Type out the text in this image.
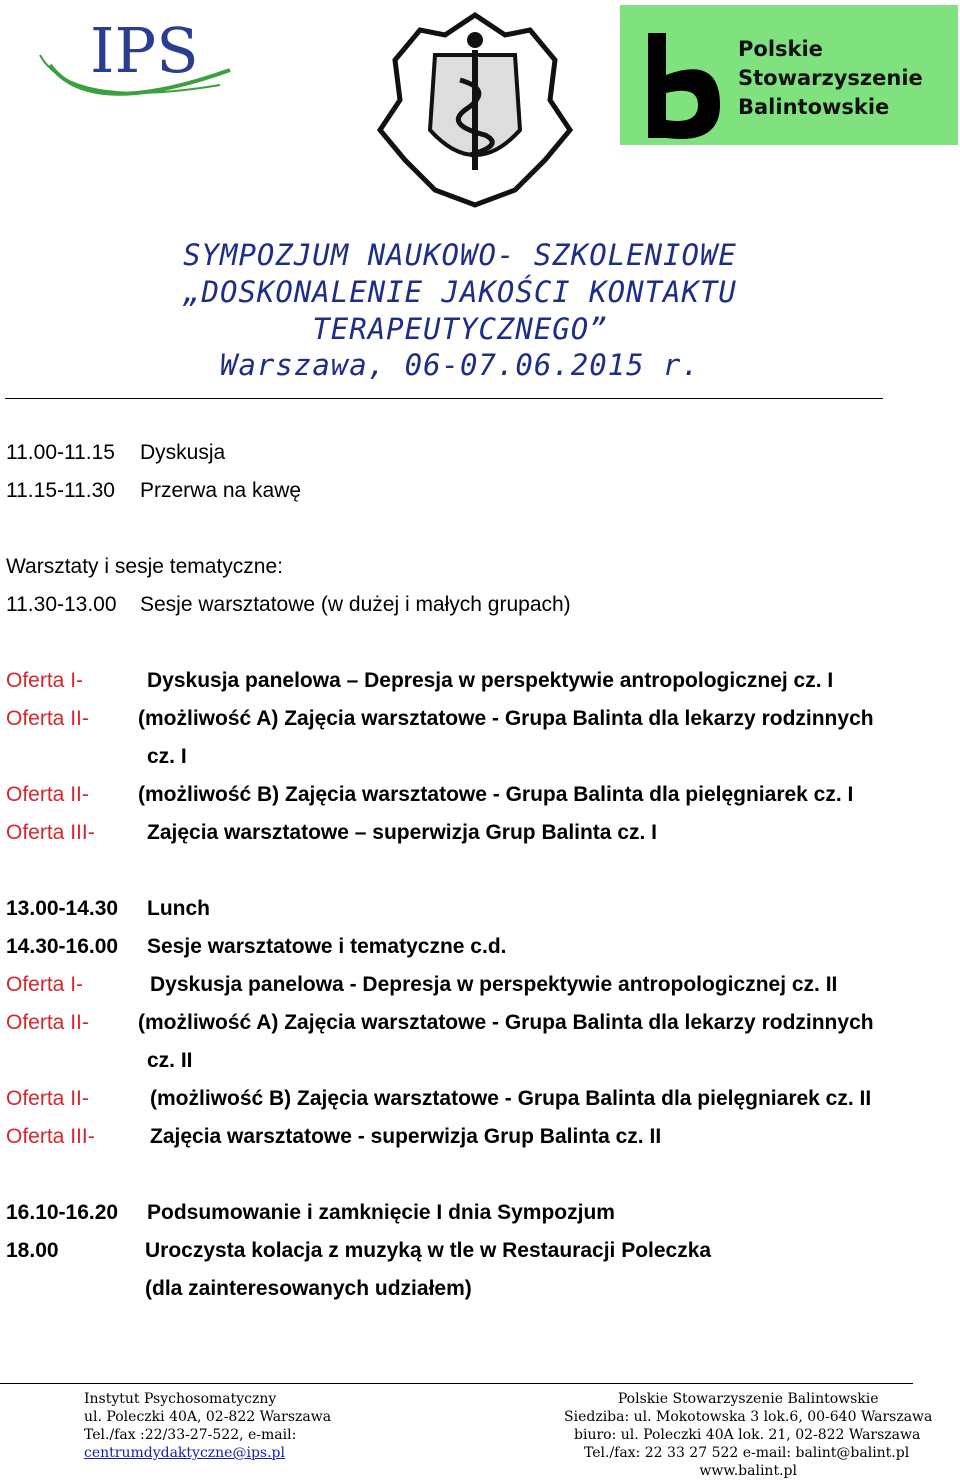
IPS	Polskie
Stowarzyszenie
Balintowskie
SYMPOZJUM NAUKOWO- SZKOLENIOWE
„DOSKONALENIE JAKOŚCI KONTAKTU
TERAPEUTYCZNEGO”
Warszawa, 06-07.06.2015 r.
11.00-11.15 Dyskusja
11.15-11.30 Przerwa na kawę
Warsztaty i sesje tematyczne:
11.30-13.00 Sesje warsztatowe (w dużej i małych grupach)
Oferta I-	Dyskusja panelowa – Depresja w perspektywie antropologicznej cz. I
Oferta II- (możliwość A) Zajęcia warsztatowe - Grupa Balinta dla lekarzy rodzinnych
cz. I
Oferta II- (możliwość B) Zajęcia warsztatowe - Grupa Balinta dla pielęgniarek cz. I
Oferta III- Zajęcia warsztatowe – superwizja Grup Balinta cz. I
13.00-14.30 Lunch
14.30-16.00 Sesje warsztatowe i tematyczne c.d.
Oferta I-	Dyskusja panelowa - Depresja w perspektywie antropologicznej cz. II
Oferta II- (możliwość A) Zajęcia warsztatowe - Grupa Balinta dla lekarzy rodzinnych
cz. II
Oferta II-	(możliwość B) Zajęcia warsztatowe - Grupa Balinta dla pielęgniarek cz. II
Oferta III-	Zajęcia warsztatowe - superwizja Grup Balinta cz. II
16.10-16.20 Podsumowanie i zamknięcie I dnia Sympozjum
18.00	Uroczysta kolacja z muzyką w tle w Restauracji Poleczka
(dla zainteresowanych udziałem)
Instytut Psychosomatyczny
ul. Poleczki 40A, 02-822 Warszawa
Tel./fax :22/33-27-522, e-mail:
centrumdydaktyczne@ips.pl
Polskie Stowarzyszenie Balintowskie
Siedziba: ul. Mokotowska 3 lok.6, 00-640 Warszawa
biuro: ul. Poleczki 40A lok. 21, 02-822 Warszawa
Tel./fax: 22 33 27 522 e-mail: balint@balint.pl
www.balint.pl
